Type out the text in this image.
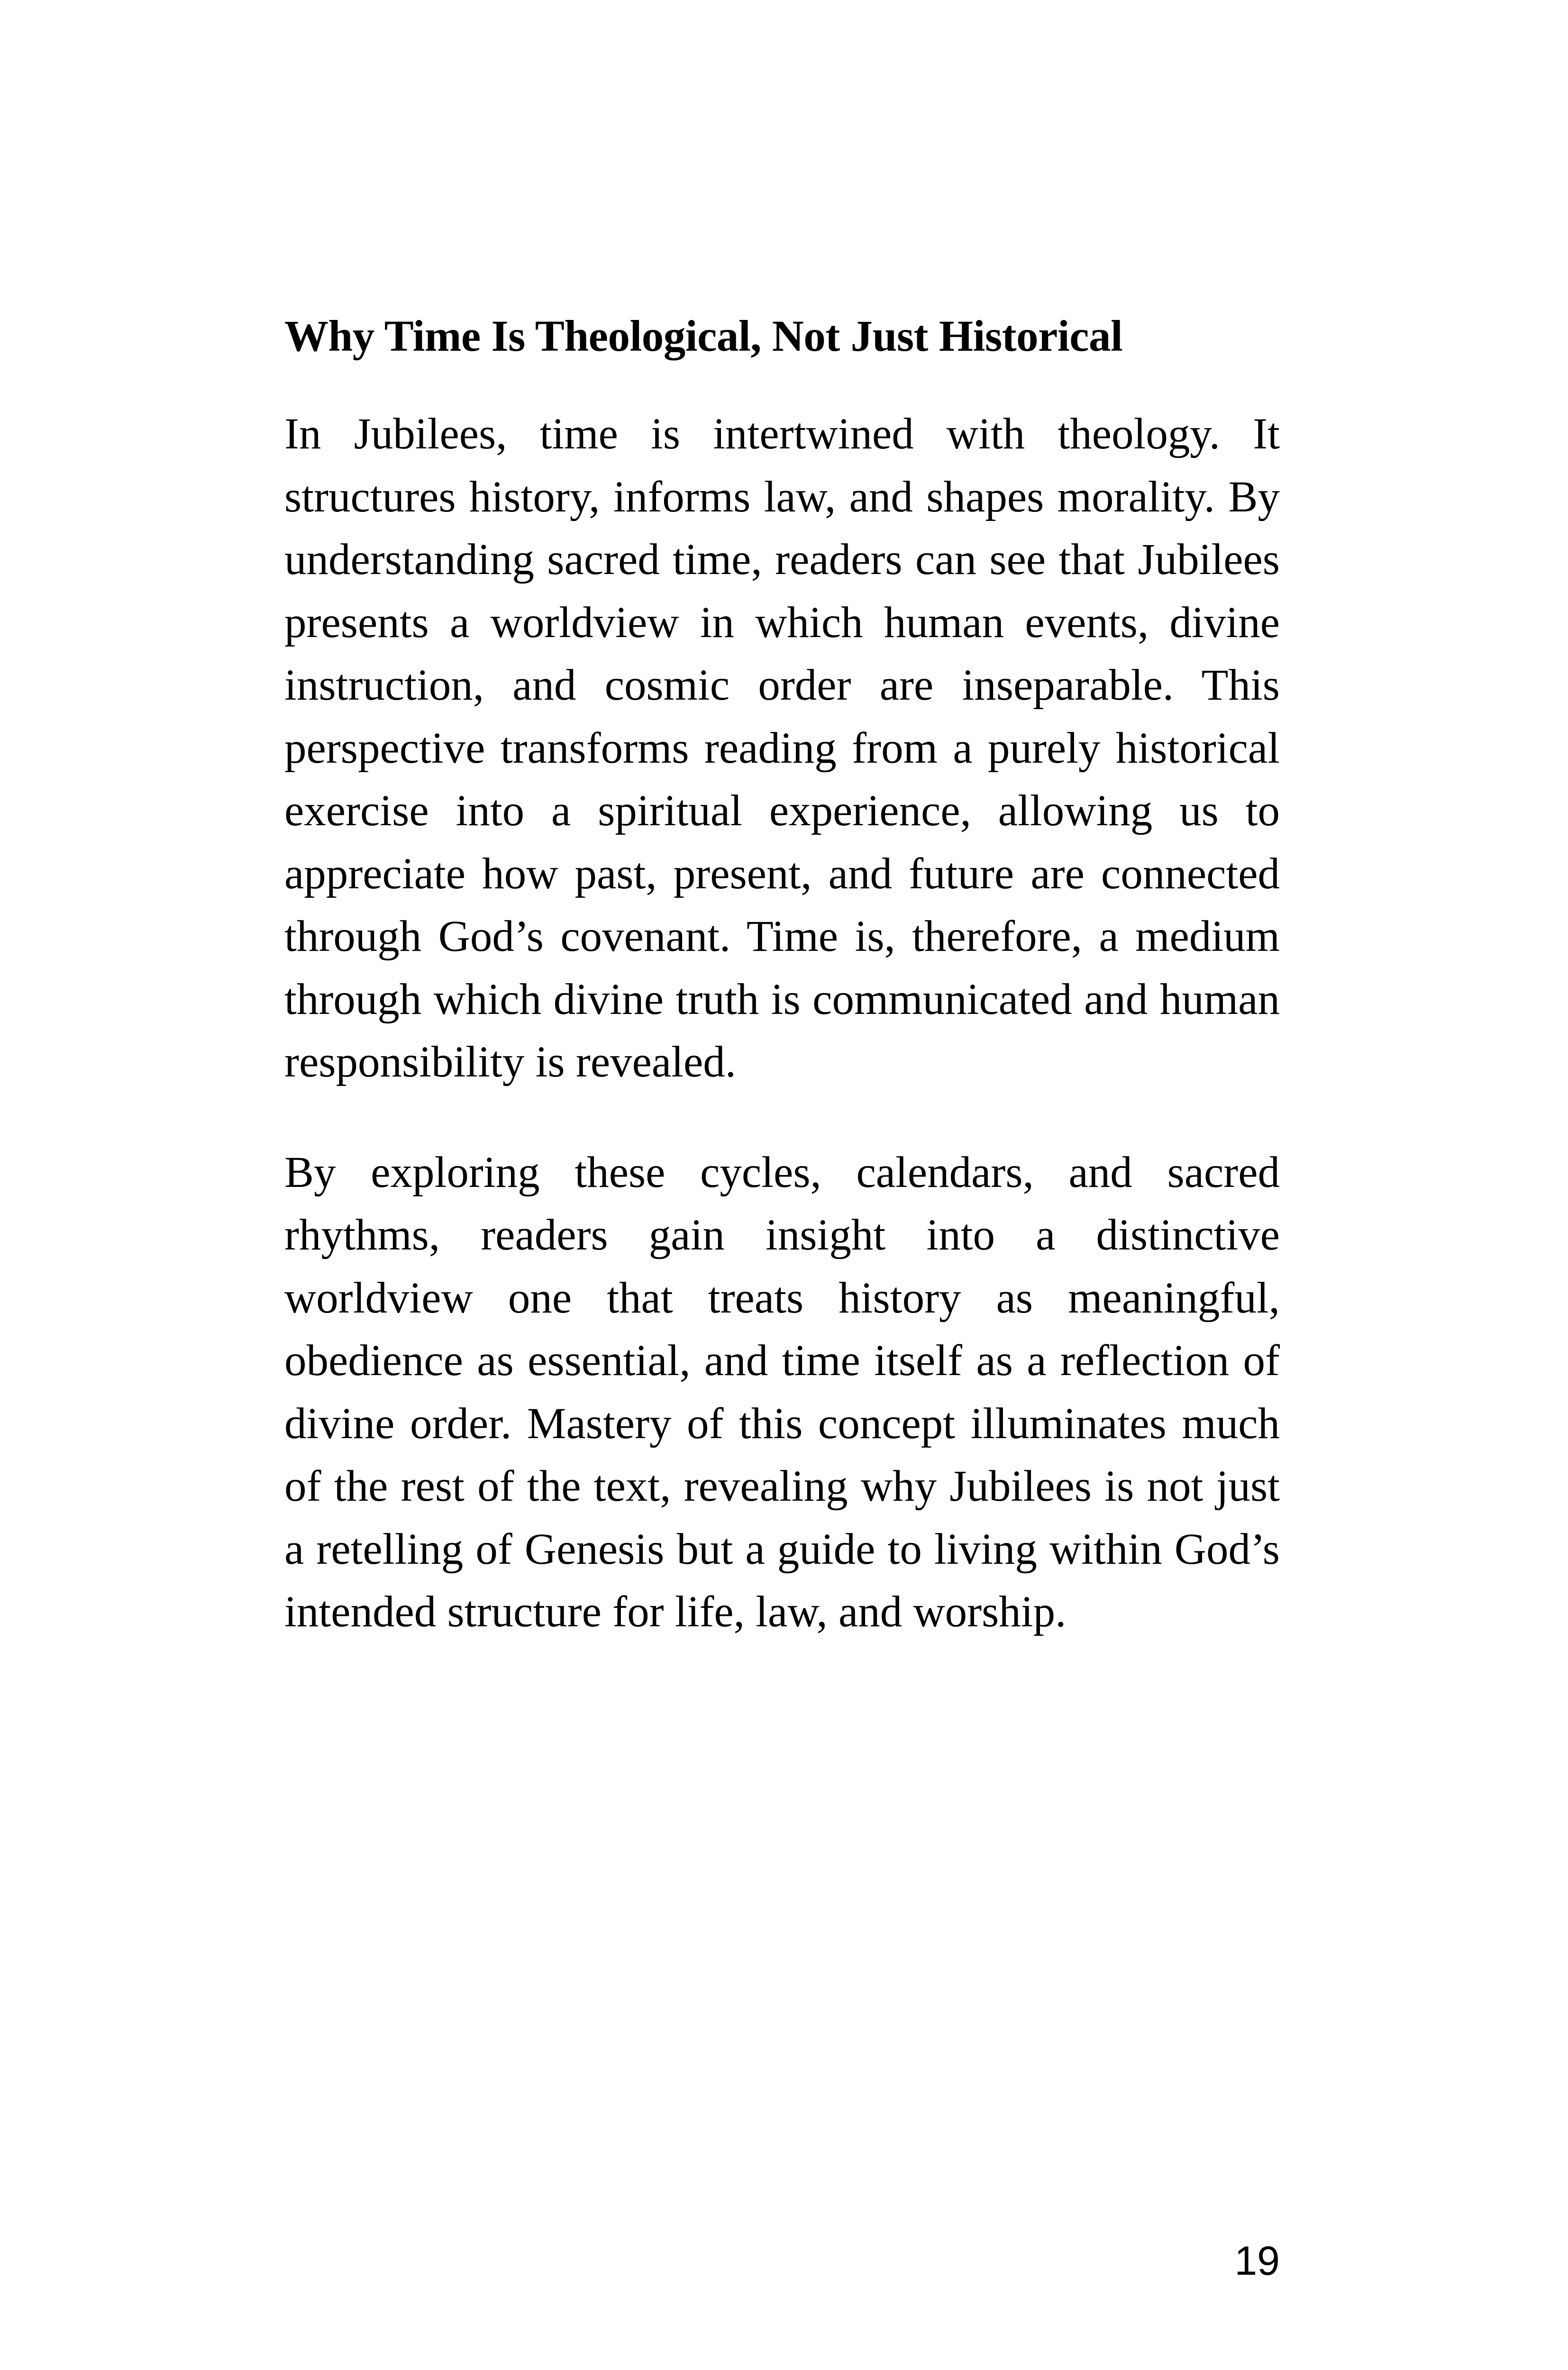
Why Time Is Theological, Not Just Historical

In Jubilees, time is intertwined with theology. It structures history, informs law, and shapes morality. By understanding sacred time, readers can see that Jubilees presents a worldview in which human events, divine instruction, and cosmic order are inseparable. This perspective transforms reading from a purely historical exercise into a spiritual experience, allowing us to appreciate how past, present, and future are connected through God’s covenant. Time is, therefore, a medium through which divine truth is communicated and human responsibility is revealed.

By exploring these cycles, calendars, and sacred rhythms, readers gain insight into a distinctive worldview one that treats history as meaningful, obedience as essential, and time itself as a reflection of divine order. Mastery of this concept illuminates much of the rest of the text, revealing why Jubilees is not just a retelling of Genesis but a guide to living within God’s intended structure for life, law, and worship.

19
